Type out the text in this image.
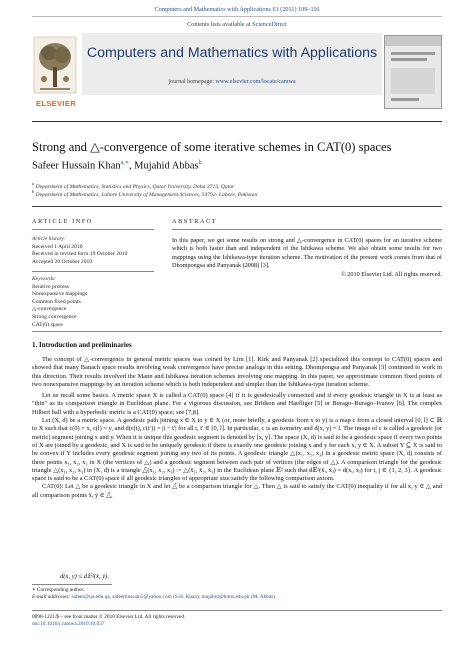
Computers and Mathematics with Applications 61 (2011) 109–116
Contents lists available at ScienceDirect
ELSEVIER
Computers and Mathematics with Applications
journal homepage: www.elsevier.com/locate/camwa
Strong and △-convergence of some iterative schemes in CAT(0) spaces
Safeer Hussain Khan$^{a,∗}$, Mujahid Abbas$^b$
$^a$ Department of Mathematics, Statistics and Physics, Qatar University, Doha 2713, Qatar
$^b$ Department of Mathematics, Lahore University of Management Sciences, 54792- Lahore, Pakistan
ARTICLE INFO	ABSTRACT
Article history:
Received 1 April 2010
Received in revised form 19 October 2010
Accepted 20 October 2010
Keywords:
Iterative process
Nonexpansive mappings
Common fixed points
△-convergence
Strong convergence
CAT(0) space
In this paper, we get some results on strong and △-convergence in CAT(0) spaces for an iterative scheme which is both faster than and independent of the Ishikawa scheme. We also obtain some results for two mappings using the Ishikawa-type iteration scheme. The motivation of the present work comes from that of Dhompongsa and Panyanak (2008) [3].
© 2010 Elsevier Ltd. All rights reserved.
1. Introduction and preliminaries

The concept of △-convergence in general metric spaces was coined by Lim [1]. Kirk and Panyanak [2] specialized this concept to CAT(0) spaces and showed that many Banach space results involving weak convergence have precise analogs in this setting. Dhompongsa and Panyanak [3] continued to work in this direction. Their results involved the Mann and Ishikawa iteration schemes involving one mapping. In this paper, we approximate common fixed points of two nonexpansive mappings by an iteration scheme which is both independent and simpler than the Ishikawa-type iteration scheme.

Let us recall some basics. A metric space X is called a CAT(0) space [4] if it is geodesically connected and if every geodesic triangle in X is at least as "thin" as its comparison triangle in Euclidean plane. For a vigorous discussion, see Bridson and Haefliger [5] or Burago–Burago–Ivanov [6]. The complex Hilbert ball with a hyperbolic metric is a CAT(0) space; see [7,8].

Let (X, d) be a metric space. A geodesic path joining x ∈ X to y ∈ X (or, more briefly, a geodesic from x to y) is a map c from a closed interval [0, l] ⊂ ℝ to X such that c(0) = x, c(l) = y, and d(c(t), c(t′)) = |t − t′| for all t, t′ ∈ [0, l]. In particular, c is an isometry and d(x, y) = l. The image of c is called a geodesic (or metric) segment joining x and y. When it is unique this geodesic segment is denoted by [x, y]. The space (X, d) is said to be a geodesic space if every two points of X are joined by a geodesic, and X is said to be uniquely geodesic if there is exactly one geodesic joining x and y for each x, y ∈ X. A subset Y ⊆ X is said to be convex if Y includes every geodesic segment joining any two of its points. A geodesic triangle △(x₁, x₂, x₃) in a geodesic metric space (X, d) consists of three points x₁, x₂, x₃ in X (the vertices of △) and a geodesic segment between each pair of vertices (the edges of △). A comparison triangle for the geodesic triangle △(x₁, x₂, x₃) in (X, d) is a triangle △̄(x₁, x₂, x₃) := △(x̄₁, x̄₂, x̄₃) in the Euclidean plane 𝔼² such that d𝔼²(x̄ᵢ, x̄ⱼ) = d(xᵢ, xⱼ) for i, j ∈ {1, 2, 3}. A geodesic space is said to be a CAT(0) space if all geodesic triangles of appropriate size satisfy the following comparison axiom.

CAT(0): Let △ be a geodesic triangle in X and let △̄ be a comparison triangle for △. Then △ is said to satisfy the CAT(0) inequality if for all x, y ∈ △ and all comparison points x̄, ȳ ∈ △̄,

d(x, y) ≤ d𝔼²(x̄, ȳ).
∗ Corresponding author.
E-mail addresses: safeer@qu.edu.qa, safeerhussain5@yahoo.com (S.H. Khan), mujahid@lums.edu.pk (M. Abbas).
0898-1221/$ – see front matter © 2010 Elsevier Ltd. All rights reserved.
doi:10.1016/j.camwa.2010.10.037
